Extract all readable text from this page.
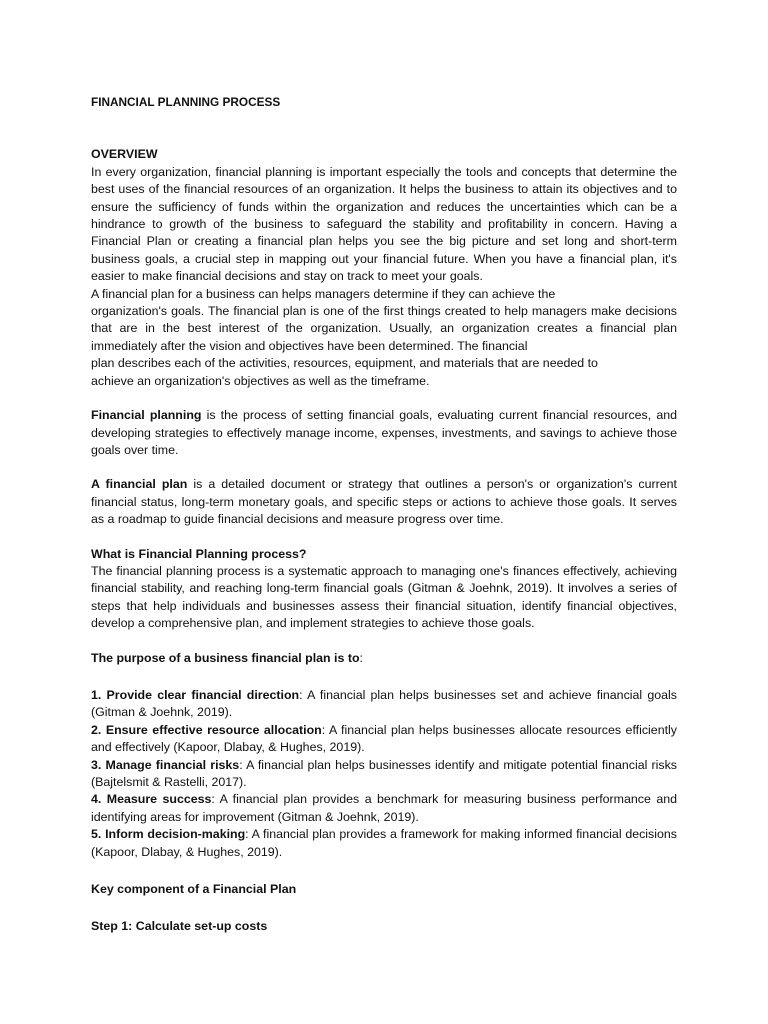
FINANCIAL PLANNING PROCESS

OVERVIEW

In every organization, financial planning is important especially the tools and concepts that determine the best uses of the financial resources of an organization. It helps the business to attain its objectives and to ensure the sufficiency of funds within the organization and reduces the uncertainties which can be a hindrance to growth of the business to safeguard the stability and profitability in concern. Having a Financial Plan or creating a financial plan helps you see the big picture and set long and short-term business goals, a crucial step in mapping out your financial future. When you have a financial plan, it's easier to make financial decisions and stay on track to meet your goals.

A financial plan for a business can helps managers determine if they can achieve the

organization's goals. The financial plan is one of the first things created to help managers make decisions that are in the best interest of the organization. Usually, an organization creates a financial plan immediately after the vision and objectives have been determined. The financial

plan describes each of the activities, resources, equipment, and materials that are needed to

achieve an organization's objectives as well as the timeframe.

Financial planning is the process of setting financial goals, evaluating current financial resources, and developing strategies to effectively manage income, expenses, investments, and savings to achieve those goals over time.

A financial plan is a detailed document or strategy that outlines a person's or organization's current financial status, long-term monetary goals, and specific steps or actions to achieve those goals. It serves as a roadmap to guide financial decisions and measure progress over time.

What is Financial Planning process?

The financial planning process is a systematic approach to managing one's finances effectively, achieving financial stability, and reaching long-term financial goals (Gitman & Joehnk, 2019). It involves a series of steps that help individuals and businesses assess their financial situation, identify financial objectives, develop a comprehensive plan, and implement strategies to achieve those goals.

The purpose of a business financial plan is to:

1. Provide clear financial direction: A financial plan helps businesses set and achieve financial goals (Gitman & Joehnk, 2019).

2. Ensure effective resource allocation: A financial plan helps businesses allocate resources efficiently and effectively (Kapoor, Dlabay, & Hughes, 2019).

3. Manage financial risks: A financial plan helps businesses identify and mitigate potential financial risks (Bajtelsmit & Rastelli, 2017).

4. Measure success: A financial plan provides a benchmark for measuring business performance and identifying areas for improvement (Gitman & Joehnk, 2019).

5. Inform decision-making: A financial plan provides a framework for making informed financial decisions (Kapoor, Dlabay, & Hughes, 2019).

Key component of a Financial Plan

Step 1: Calculate set-up costs
